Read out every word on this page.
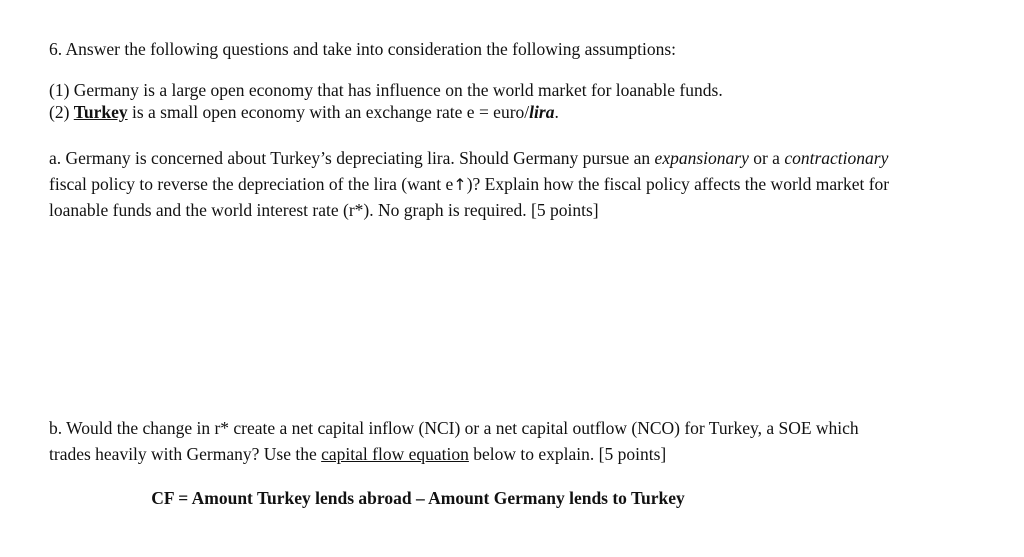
6. Answer the following questions and take into consideration the following assumptions:
(1) Germany is a large open economy that has influence on the world market for loanable funds.
(2) Turkey is a small open economy with an exchange rate e = euro/lira.
a. Germany is concerned about Turkey’s depreciating lira. Should Germany pursue an expansionary or a contractionary
fiscal policy to reverse the depreciation of the lira (want e↑)? Explain how the fiscal policy affects the world market for
loanable funds and the world interest rate (r*). No graph is required. [5 points]
b. Would the change in r* create a net capital inflow (NCI) or a net capital outflow (NCO) for Turkey, a SOE which
trades heavily with Germany? Use the capital flow equation below to explain. [5 points]
CF = Amount Turkey lends abroad – Amount Germany lends to Turkey
